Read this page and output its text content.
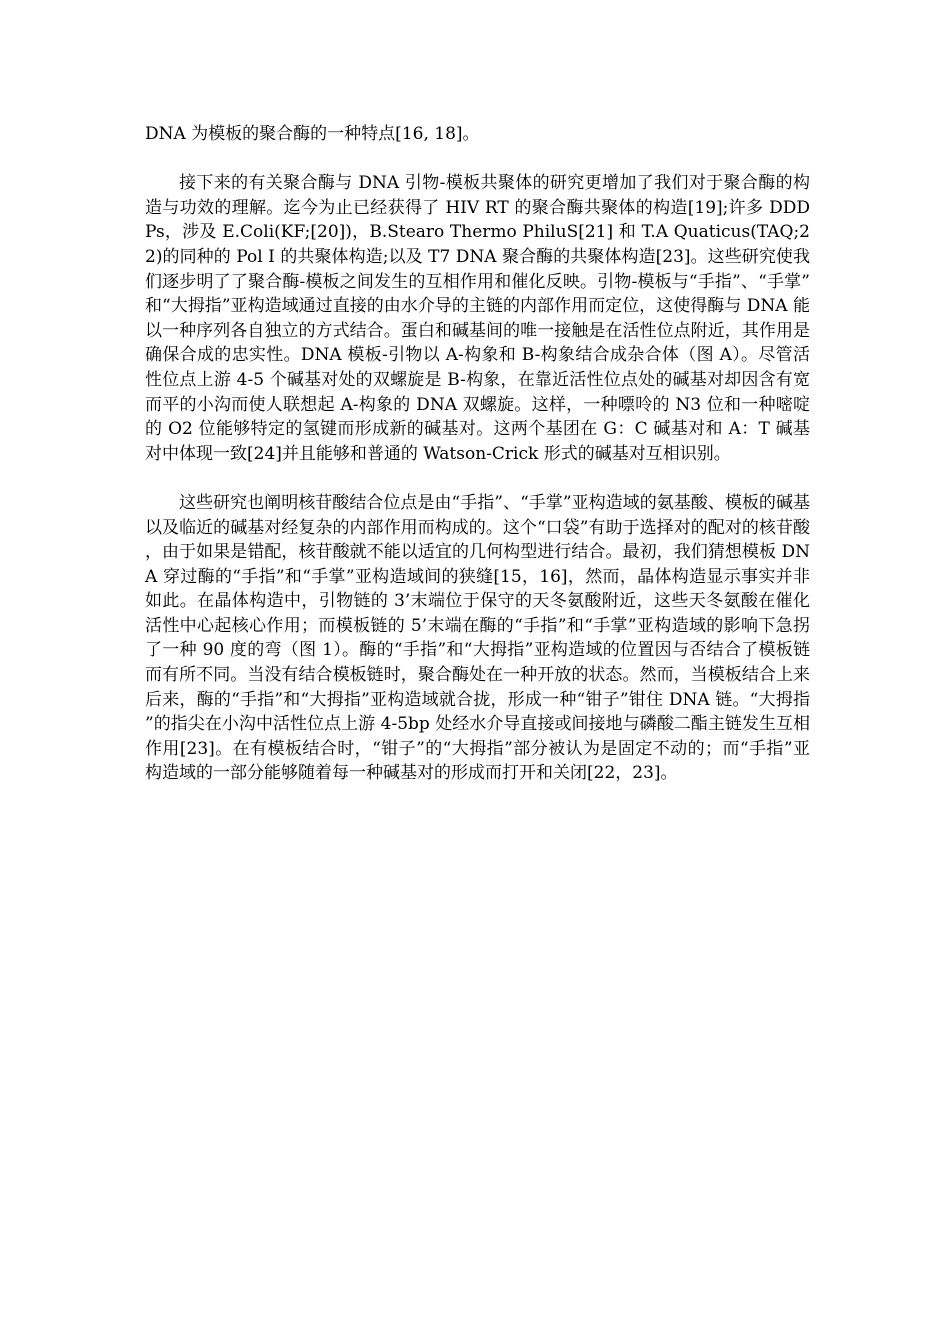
DNA 为模板的聚合酶的一种特点[16, 18]。

接下来的有关聚合酶与 DNA 引物-模板共聚体的研究更增加了我们对于聚合酶的构造与功效的理解。迄今为止已经获得了 HIV RT 的聚合酶共聚体的构造[19];许多 DDDPs，涉及 E.Coli(KF;[20])，B.Stearo Thermo PhiluS[21] 和 T.A Quaticus(TAQ;22)的同种的 Pol I 的共聚体构造;以及 T7 DNA 聚合酶的共聚体构造[23]。这些研究使我们逐步明了了聚合酶-模板之间发生的互相作用和催化反映。引物-模板与“手指”、“手掌”和“大拇指”亚构造域通过直接的由水介导的主链的内部作用而定位，这使得酶与 DNA 能以一种序列各自独立的方式结合。蛋白和碱基间的唯一接触是在活性位点附近，其作用是确保合成的忠实性。DNA 模板-引物以 A-构象和 B-构象结合成杂合体（图 A）。尽管活性位点上游 4-5 个碱基对处的双螺旋是 B-构象，在靠近活性位点处的碱基对却因含有宽而平的小沟而使人联想起 A-构象的 DNA 双螺旋。这样，一种嘌呤的 N3 位和一种嘧啶的 O2 位能够特定的氢键而形成新的碱基对。这两个基团在 G：C 碱基对和 A：T 碱基对中体现一致[24]并且能够和普通的 Watson-Crick 形式的碱基对互相识别。

这些研究也阐明核苷酸结合位点是由“手指”、“手掌”亚构造域的氨基酸、模板的碱基以及临近的碱基对经复杂的内部作用而构成的。这个“口袋”有助于选择对的配对的核苷酸，由于如果是错配，核苷酸就不能以适宜的几何构型进行结合。最初，我们猜想模板 DNA 穿过酶的“手指”和“手掌”亚构造域间的狭缝[15，16]，然而，晶体构造显示事实并非如此。在晶体构造中，引物链的 3’末端位于保守的天冬氨酸附近，这些天冬氨酸在催化活性中心起核心作用；而模板链的 5’末端在酶的“手指”和“手掌”亚构造域的影响下急拐了一种 90 度的弯（图 1）。酶的“手指”和“大拇指”亚构造域的位置因与否结合了模板链而有所不同。当没有结合模板链时，聚合酶处在一种开放的状态。然而，当模板结合上来后来，酶的“手指”和“大拇指”亚构造域就合拢，形成一种“钳子”钳住 DNA 链。“大拇指”的指尖在小沟中活性位点上游 4-5bp 处经水介导直接或间接地与磷酸二酯主链发生互相作用[23]。在有模板结合时，“钳子”的“大拇指”部分被认为是固定不动的；而“手指”亚构造域的一部分能够随着每一种碱基对的形成而打开和关闭[22，23]。
